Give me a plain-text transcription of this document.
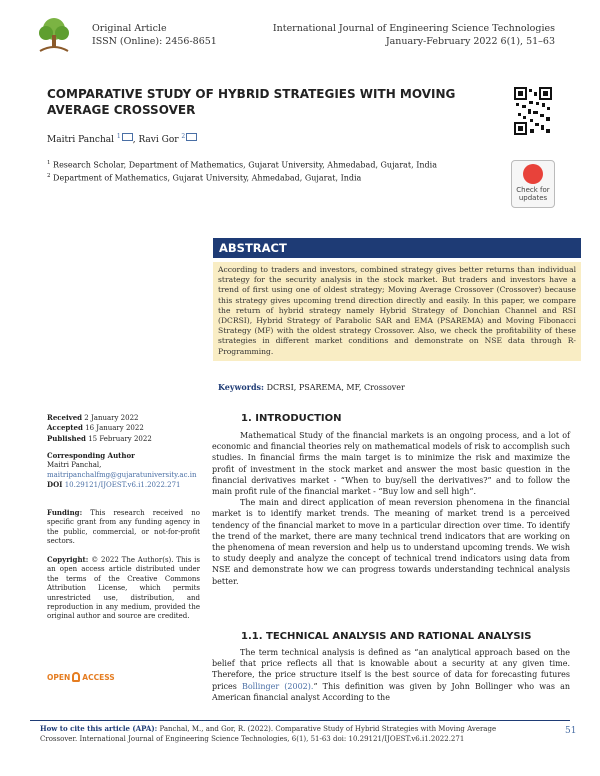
Original Article
ISSN (Online): 2456-8651
International Journal of Engineering Science Technologies
January-February 2022 6(1), 51–63
COMPARATIVE STUDY OF HYBRID STRATEGIES WITH MOVING AVERAGE CROSSOVER
Maitri Panchal $^1$ , Ravi Gor $^2$
$^1$ Research Scholar, Department of Mathematics, Gujarat University, Ahmedabad, Gujarat, India
$^2$ Department of Mathematics, Gujarat University, Ahmedabad, Gujarat, India
Check for
updates
ABSTRACT
According to traders and investors, combined strategy gives better returns than individual strategy for the security analysis in the stock market. But traders and investors have a trend of first using one of oldest strategy; Moving Average Crossover (Crossover) because this strategy gives upcoming trend direction directly and easily. In this paper, we compare the return of hybrid strategy namely Hybrid Strategy of Donchian Channel and RSI (DCRSI), Hybrid Strategy of Parabolic SAR and EMA (PSAREMA) and Moving Fibonacci Strategy (MF) with the oldest strategy Crossover. Also, we check the profitability of these strategies in different market conditions and demonstrate on NSE data through R-Programming.
Keywords: DCRSI, PSAREMA, MF, Crossover
Received 2 January 2022
Accepted 16 January 2022
Published 15 February 2022
Corresponding Author
Maitri Panchal,
maitripanchalfmg@gujaratuniversity.ac.in
DOI 10.29121/IJOEST.v6.i1.2022.271
Funding: This research received no specific grant from any funding agency in the public, commercial, or not-for-profit sectors.
Copyright: © 2022 The Author(s). This is an open access article distributed under the terms of the Creative Commons Attribution License, which permits unrestricted use, distribution, and reproduction in any medium, provided the original author and source are credited.
OPEN ACCESS
1. INTRODUCTION

Mathematical Study of the financial markets is an ongoing process, and a lot of economic and financial theories rely on mathematical models of risk to accomplish such studies. In financial firms the main target is to minimize the risk and maximize the profit of investment in the stock market and answer the most basic question in the financial derivatives market - “When to buy/sell the derivatives?” and to follow the main profit rule of the financial market - “Buy low and sell high”.

The main and direct application of mean reversion phenomena in the financial market is to identify market trends. The meaning of market trend is a perceived tendency of the financial market to move in a particular direction over time. To identify the trend of the market, there are many technical trend indicators that are working on the phenomena of mean reversion and help us to understand upcoming trends. We wish to study deeply and analyze the concept of technical trend indicators using data from NSE and demonstrate how we can progress towards understanding technical analysis better.

1.1. TECHNICAL ANALYSIS AND RATIONAL ANALYSIS

The term technical analysis is defined as “an analytical approach based on the belief that price reflects all that is knowable about a security at any given time. Therefore, the price structure itself is the best source of data for forecasting futures prices Bollinger (2002).” This definition was given by John Bollinger who was an American financial analyst According to the

How to cite this article (APA): Panchal, M., and Gor, R. (2022). Comparative Study of Hybrid Strategies with Moving Average
Crossover. International Journal of Engineering Science Technologies, 6(1), 51-63 doi: 10.29121/IJOEST.v6.i1.2022.271
51
